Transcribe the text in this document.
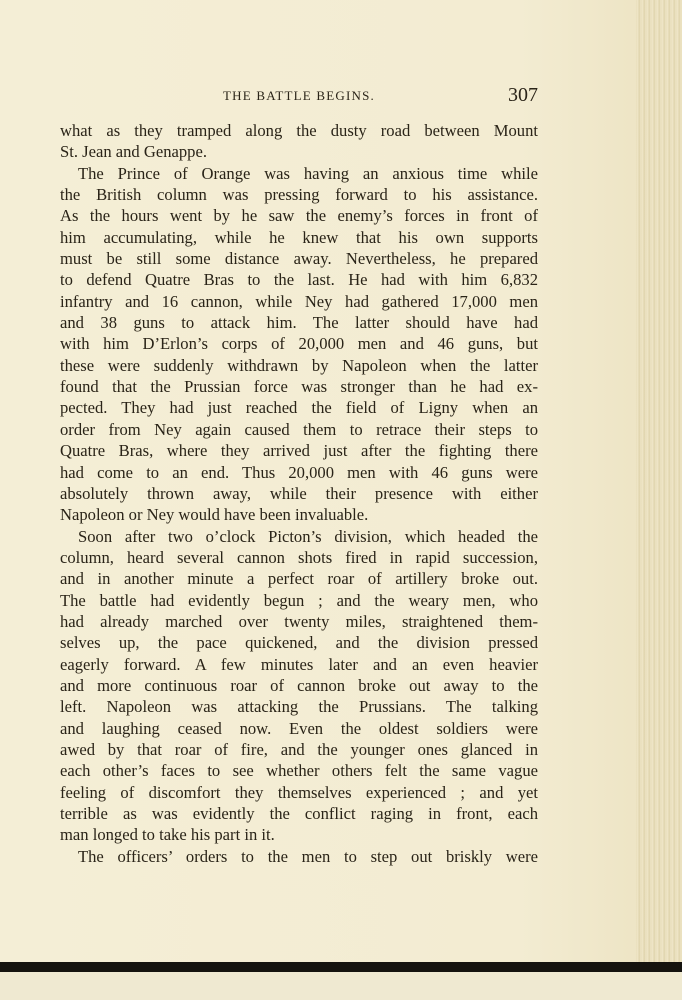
THE BATTLE BEGINS.	307
what as they tramped along the dusty road between Mount
St. Jean and Genappe.
The Prince of Orange was having an anxious time while
the British column was pressing forward to his assistance.
As the hours went by he saw the enemy’s forces in front of
him accumulating, while he knew that his own supports
must be still some distance away. Nevertheless, he prepared
to defend Quatre Bras to the last. He had with him 6,832
infantry and 16 cannon, while Ney had gathered 17,000 men
and 38 guns to attack him. The latter should have had
with him D’Erlon’s corps of 20,000 men and 46 guns, but
these were suddenly withdrawn by Napoleon when the latter
found that the Prussian force was stronger than he had ex-
pected. They had just reached the field of Ligny when an
order from Ney again caused them to retrace their steps to
Quatre Bras, where they arrived just after the fighting there
had come to an end. Thus 20,000 men with 46 guns were
absolutely thrown away, while their presence with either
Napoleon or Ney would have been invaluable.
Soon after two o’clock Picton’s division, which headed the
column, heard several cannon shots fired in rapid succession,
and in another minute a perfect roar of artillery broke out.
The battle had evidently begun ; and the weary men, who
had already marched over twenty miles, straightened them-
selves up, the pace quickened, and the division pressed
eagerly forward. A few minutes later and an even heavier
and more continuous roar of cannon broke out away to the
left. Napoleon was attacking the Prussians. The talking
and laughing ceased now. Even the oldest soldiers were
awed by that roar of fire, and the younger ones glanced in
each other’s faces to see whether others felt the same vague
feeling of discomfort they themselves experienced ; and yet
terrible as was evidently the conflict raging in front, each
man longed to take his part in it.
The officers’ orders to the men to step out briskly were
